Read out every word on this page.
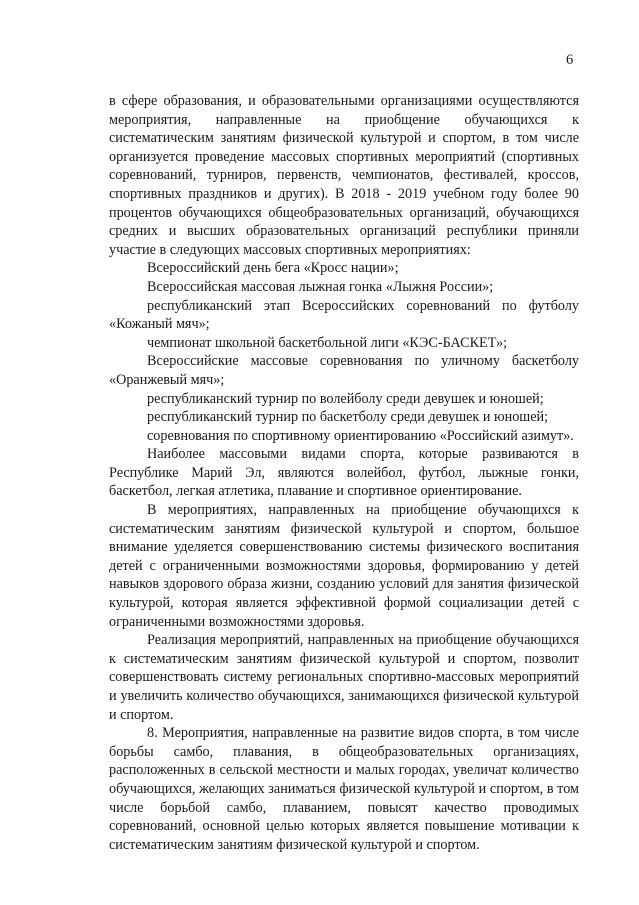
6

в сфере образования, и образовательными организациями осуществляются мероприятия, направленные на приобщение обучающихся к систематическим занятиям физической культурой и спортом, в том числе организуется проведение массовых спортивных мероприятий (спортивных соревнований, турниров, первенств, чемпионатов, фестивалей, кроссов, спортивных праздников и других). В 2018 - 2019 учебном году более 90 процентов обучающихся общеобразовательных организаций, обучающихся средних и высших образовательных организаций республики приняли участие в следующих массовых спортивных мероприятиях:

Всероссийский день бега «Кросс нации»;

Всероссийская массовая лыжная гонка «Лыжня России»;

республиканский этап Всероссийских соревнований по футболу «Кожаный мяч»;

чемпионат школьной баскетбольной лиги «КЭС-БАСКЕТ»;

Всероссийские массовые соревнования по уличному баскетболу «Оранжевый мяч»;

республиканский турнир по волейболу среди девушек и юношей;

республиканский турнир по баскетболу среди девушек и юношей;

соревнования по спортивному ориентированию «Российский азимут».

Наиболее массовыми видами спорта, которые развиваются в Республике Марий Эл, являются волейбол, футбол, лыжные гонки, баскетбол, легкая атлетика, плавание и спортивное ориентирование.

В мероприятиях, направленных на приобщение обучающихся к систематическим занятиям физической культурой и спортом, большое внимание уделяется совершенствованию системы физического воспитания детей с ограниченными возможностями здоровья, формированию у детей навыков здорового образа жизни, созданию условий для занятия физической культурой, которая является эффективной формой социализации детей с ограниченными возможностями здоровья.

Реализация мероприятий, направленных на приобщение обучающихся к систематическим занятиям физической культурой и спортом, позволит совершенствовать систему региональных спортивно-массовых мероприятий и увеличить количество обучающихся, занимающихся физической культурой и спортом.

8. Мероприятия, направленные на развитие видов спорта, в том числе борьбы самбо, плавания, в общеобразовательных организациях, расположенных в сельской местности и малых городах, увеличат количество обучающихся, желающих заниматься физической культурой и спортом, в том числе борьбой самбо, плаванием, повысят качество проводимых соревнований, основной целью которых является повышение мотивации к систематическим занятиям физической культурой и спортом.
